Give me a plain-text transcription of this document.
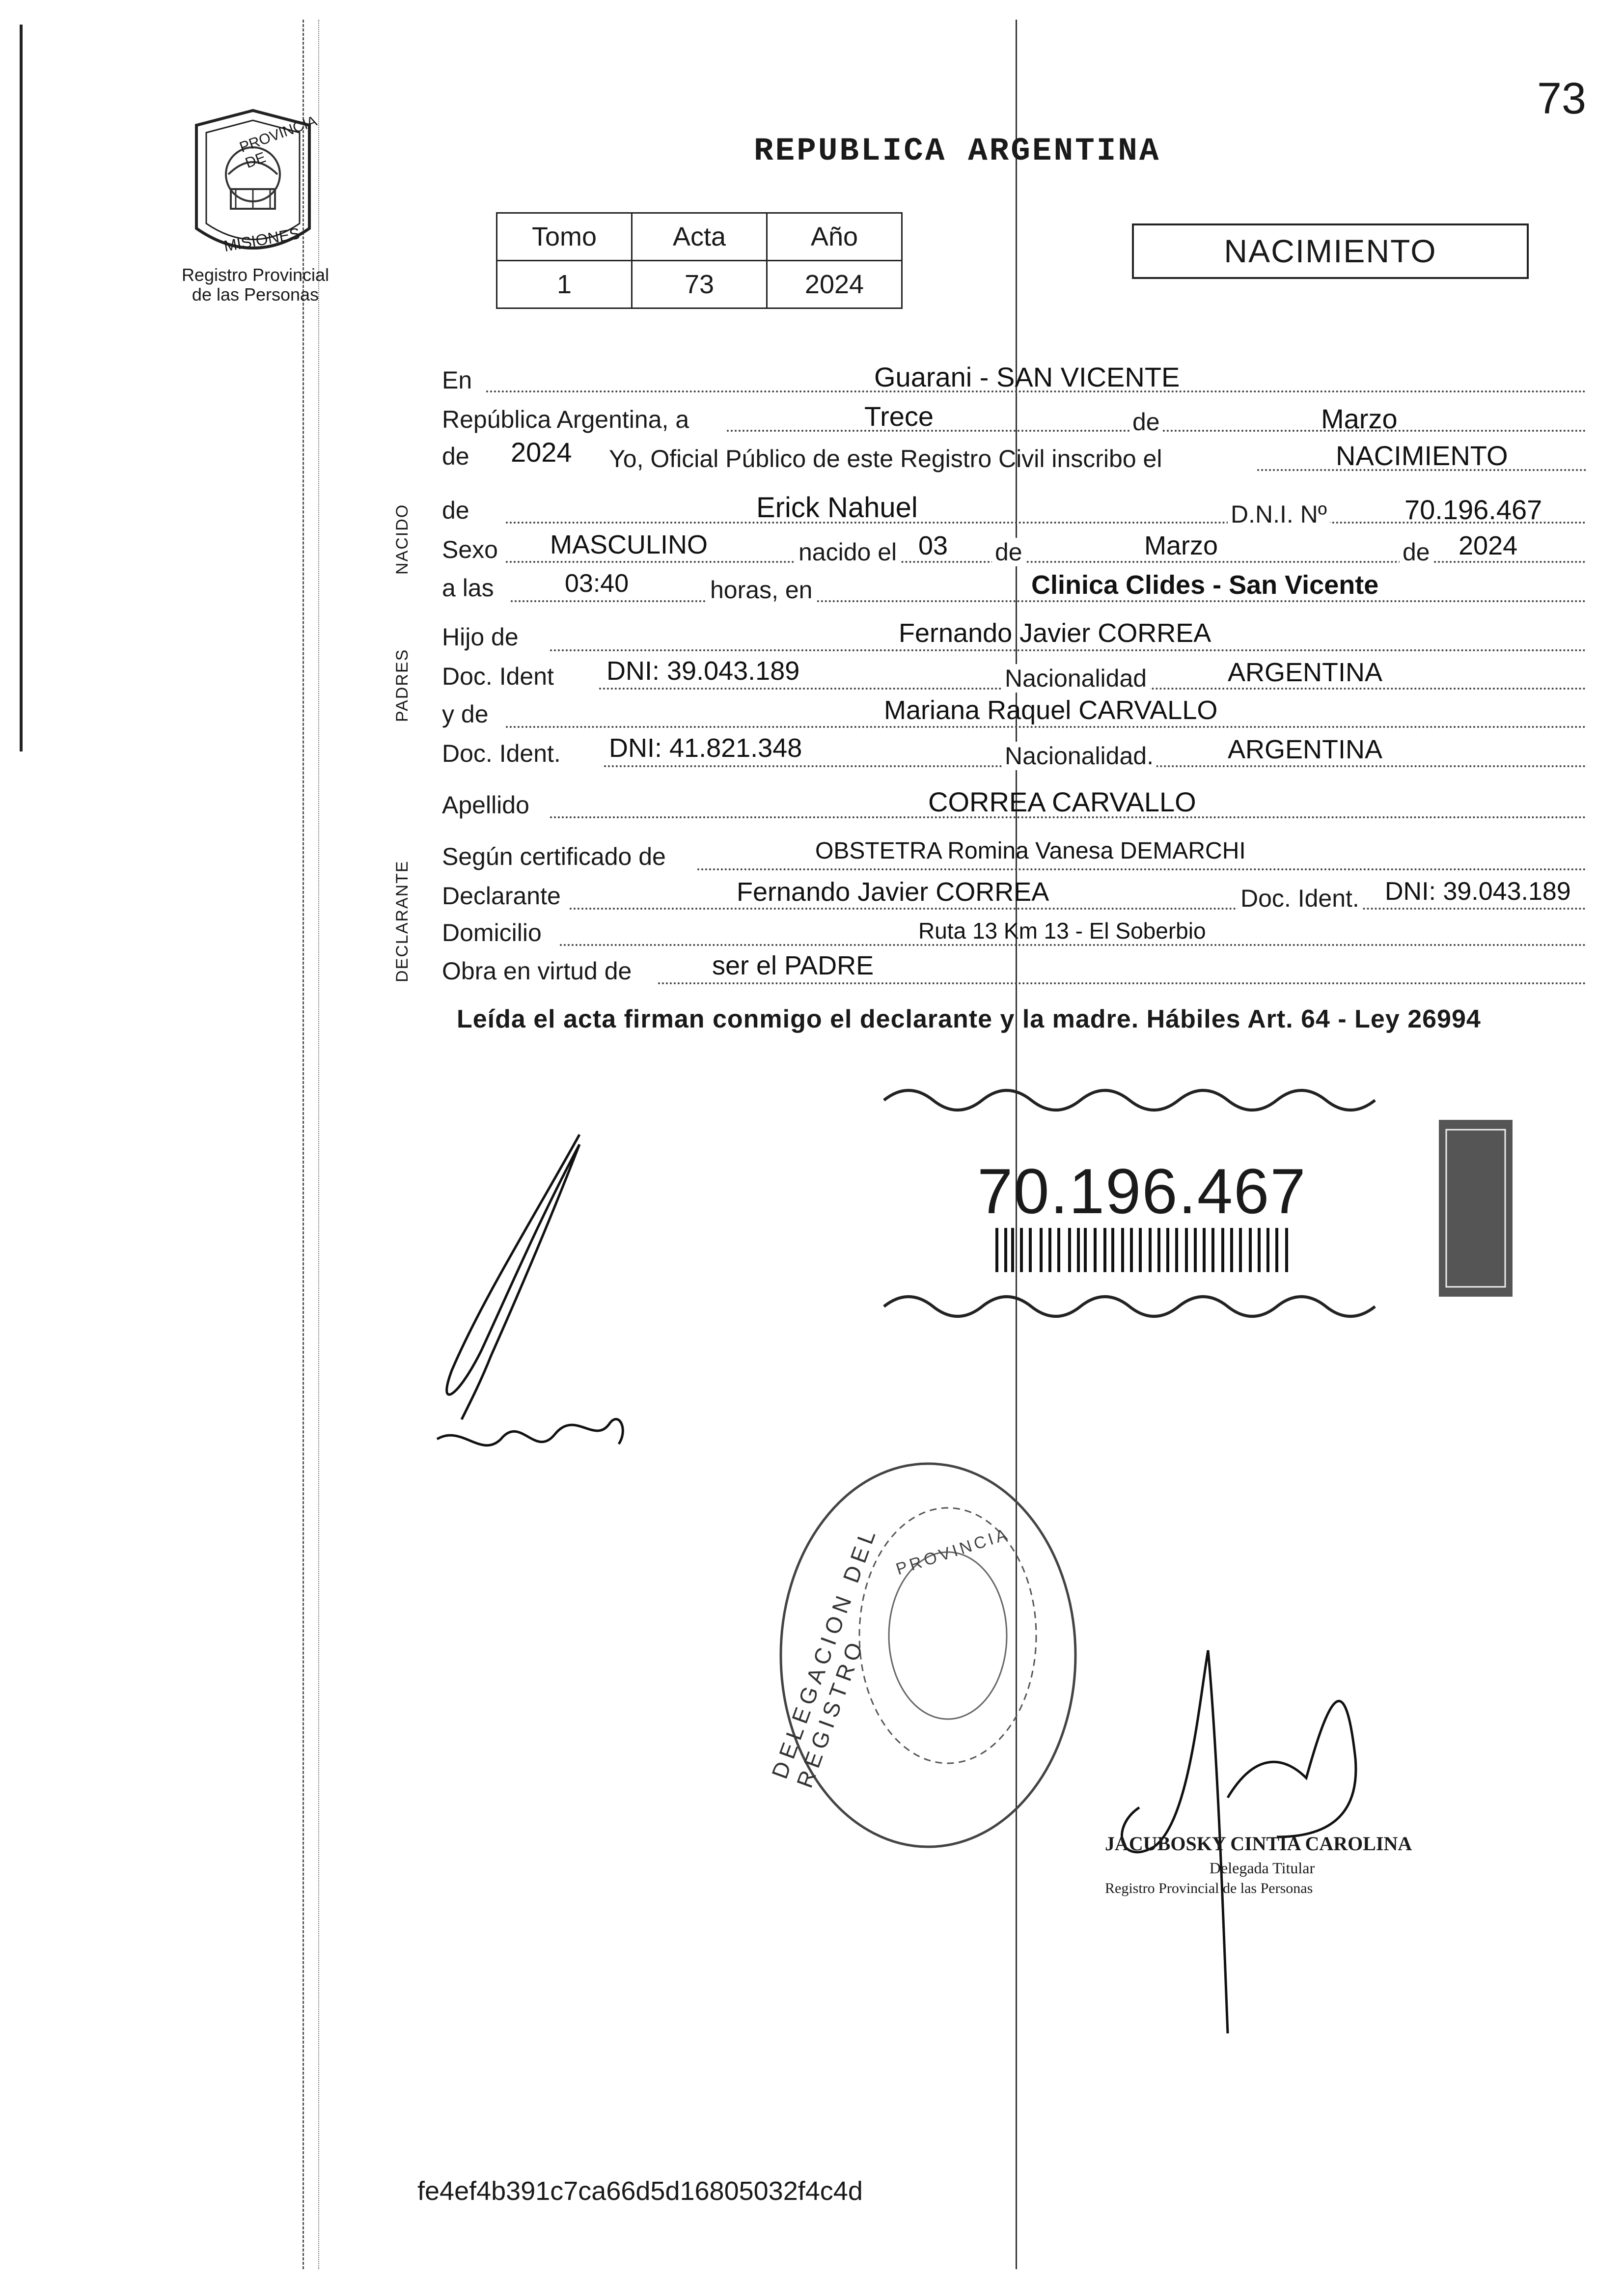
73
PROVINCIA DE
MISIONES
Registro Provincial
de las Personas
REPUBLICA ARGENTINA
Tomo	Acta	Año
1	73	2024
NACIMIENTO
NACIDO
PADRES
DECLARANTE
En	Guarani - SAN VICENTE
República Argentina, a	Trece	de	Marzo
de 2024 Yo, Oficial Público de este Registro Civil inscribo el	NACIMIENTO
de	Erick Nahuel	D.N.I. Nº	70.196.467
Sexo MASCULINO	nacido el 03 de	Marzo	de 2024
a las	03:40	horas, en	Clinica Clides - San Vicente
Hijo de	Fernando Javier CORREA
Doc. Ident DNI: 39.043.189	Nacionalidad	ARGENTINA
y de	Mariana Raquel CARVALLO
Doc. Ident. DNI: 41.821.348	Nacionalidad.	ARGENTINA
Apellido	CORREA CARVALLO
Según certificado de	OBSTETRA Romina Vanesa DEMARCHI
Declarante	Fernando Javier CORREA	Doc. Ident. DNI: 39.043.189
Domicilio	Ruta 13 Km 13 - El Soberbio
Obra en virtud de	ser el PADRE
Leída el acta firman conmigo el declarante y la madre. Hábiles Art. 64 - Ley 26994
70.196.467
DELEGACION DEL REGISTRO
PROVINCIA
JACUBOSKY CINTIA CAROLINA
Delegada Titular
Registro Provincial de las Personas
fe4ef4b391c7ca66d5d16805032f4c4d
